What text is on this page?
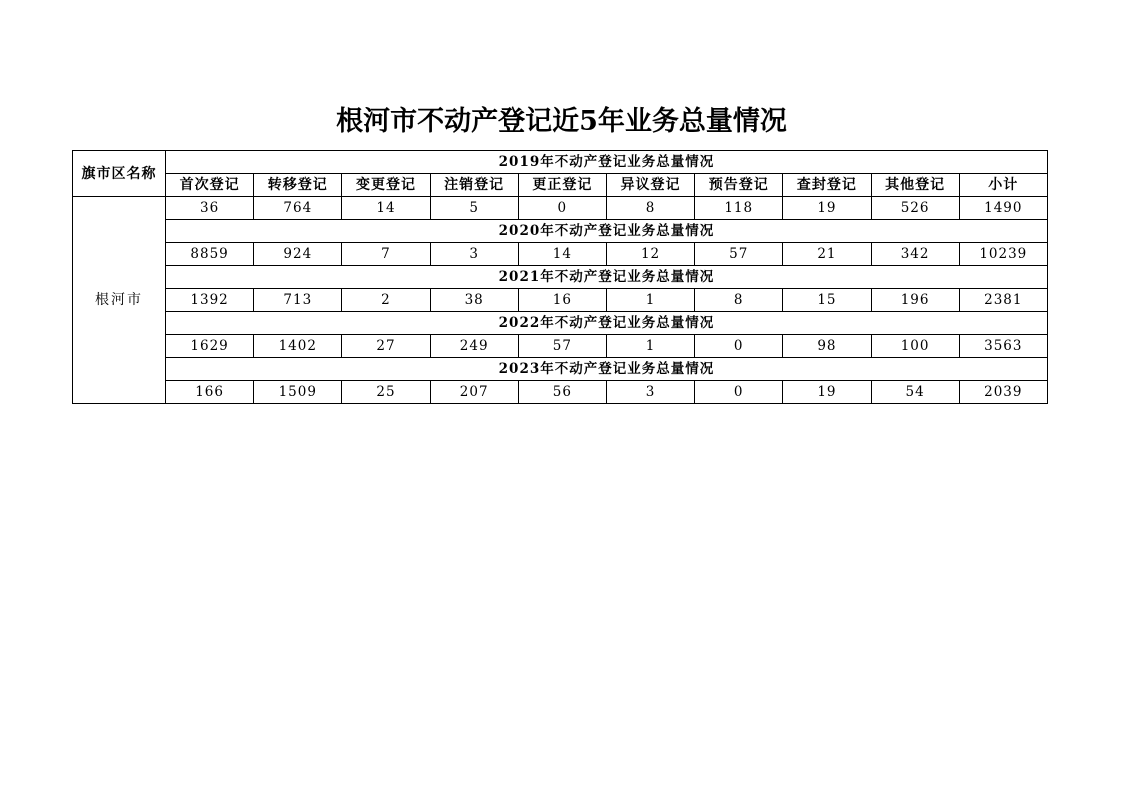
根河市不动产登记近5年业务总量情况
旗市区名称	2019年不动产登记业务总量情况									
	首次登记	转移登记	变更登记	注销登记	更正登记	异议登记	预告登记	查封登记	其他登记	小计
根河市	36	764	14	5	0	8	118	19	526	1490
	2020年不动产登记业务总量情况									
	8859	924	7	3	14	12	57	21	342	10239
	2021年不动产登记业务总量情况									
	1392	713	2	38	16	1	8	15	196	2381
	2022年不动产登记业务总量情况									
	1629	1402	27	249	57	1	0	98	100	3563
	2023年不动产登记业务总量情况									
	166	1509	25	207	56	3	0	19	54	2039
